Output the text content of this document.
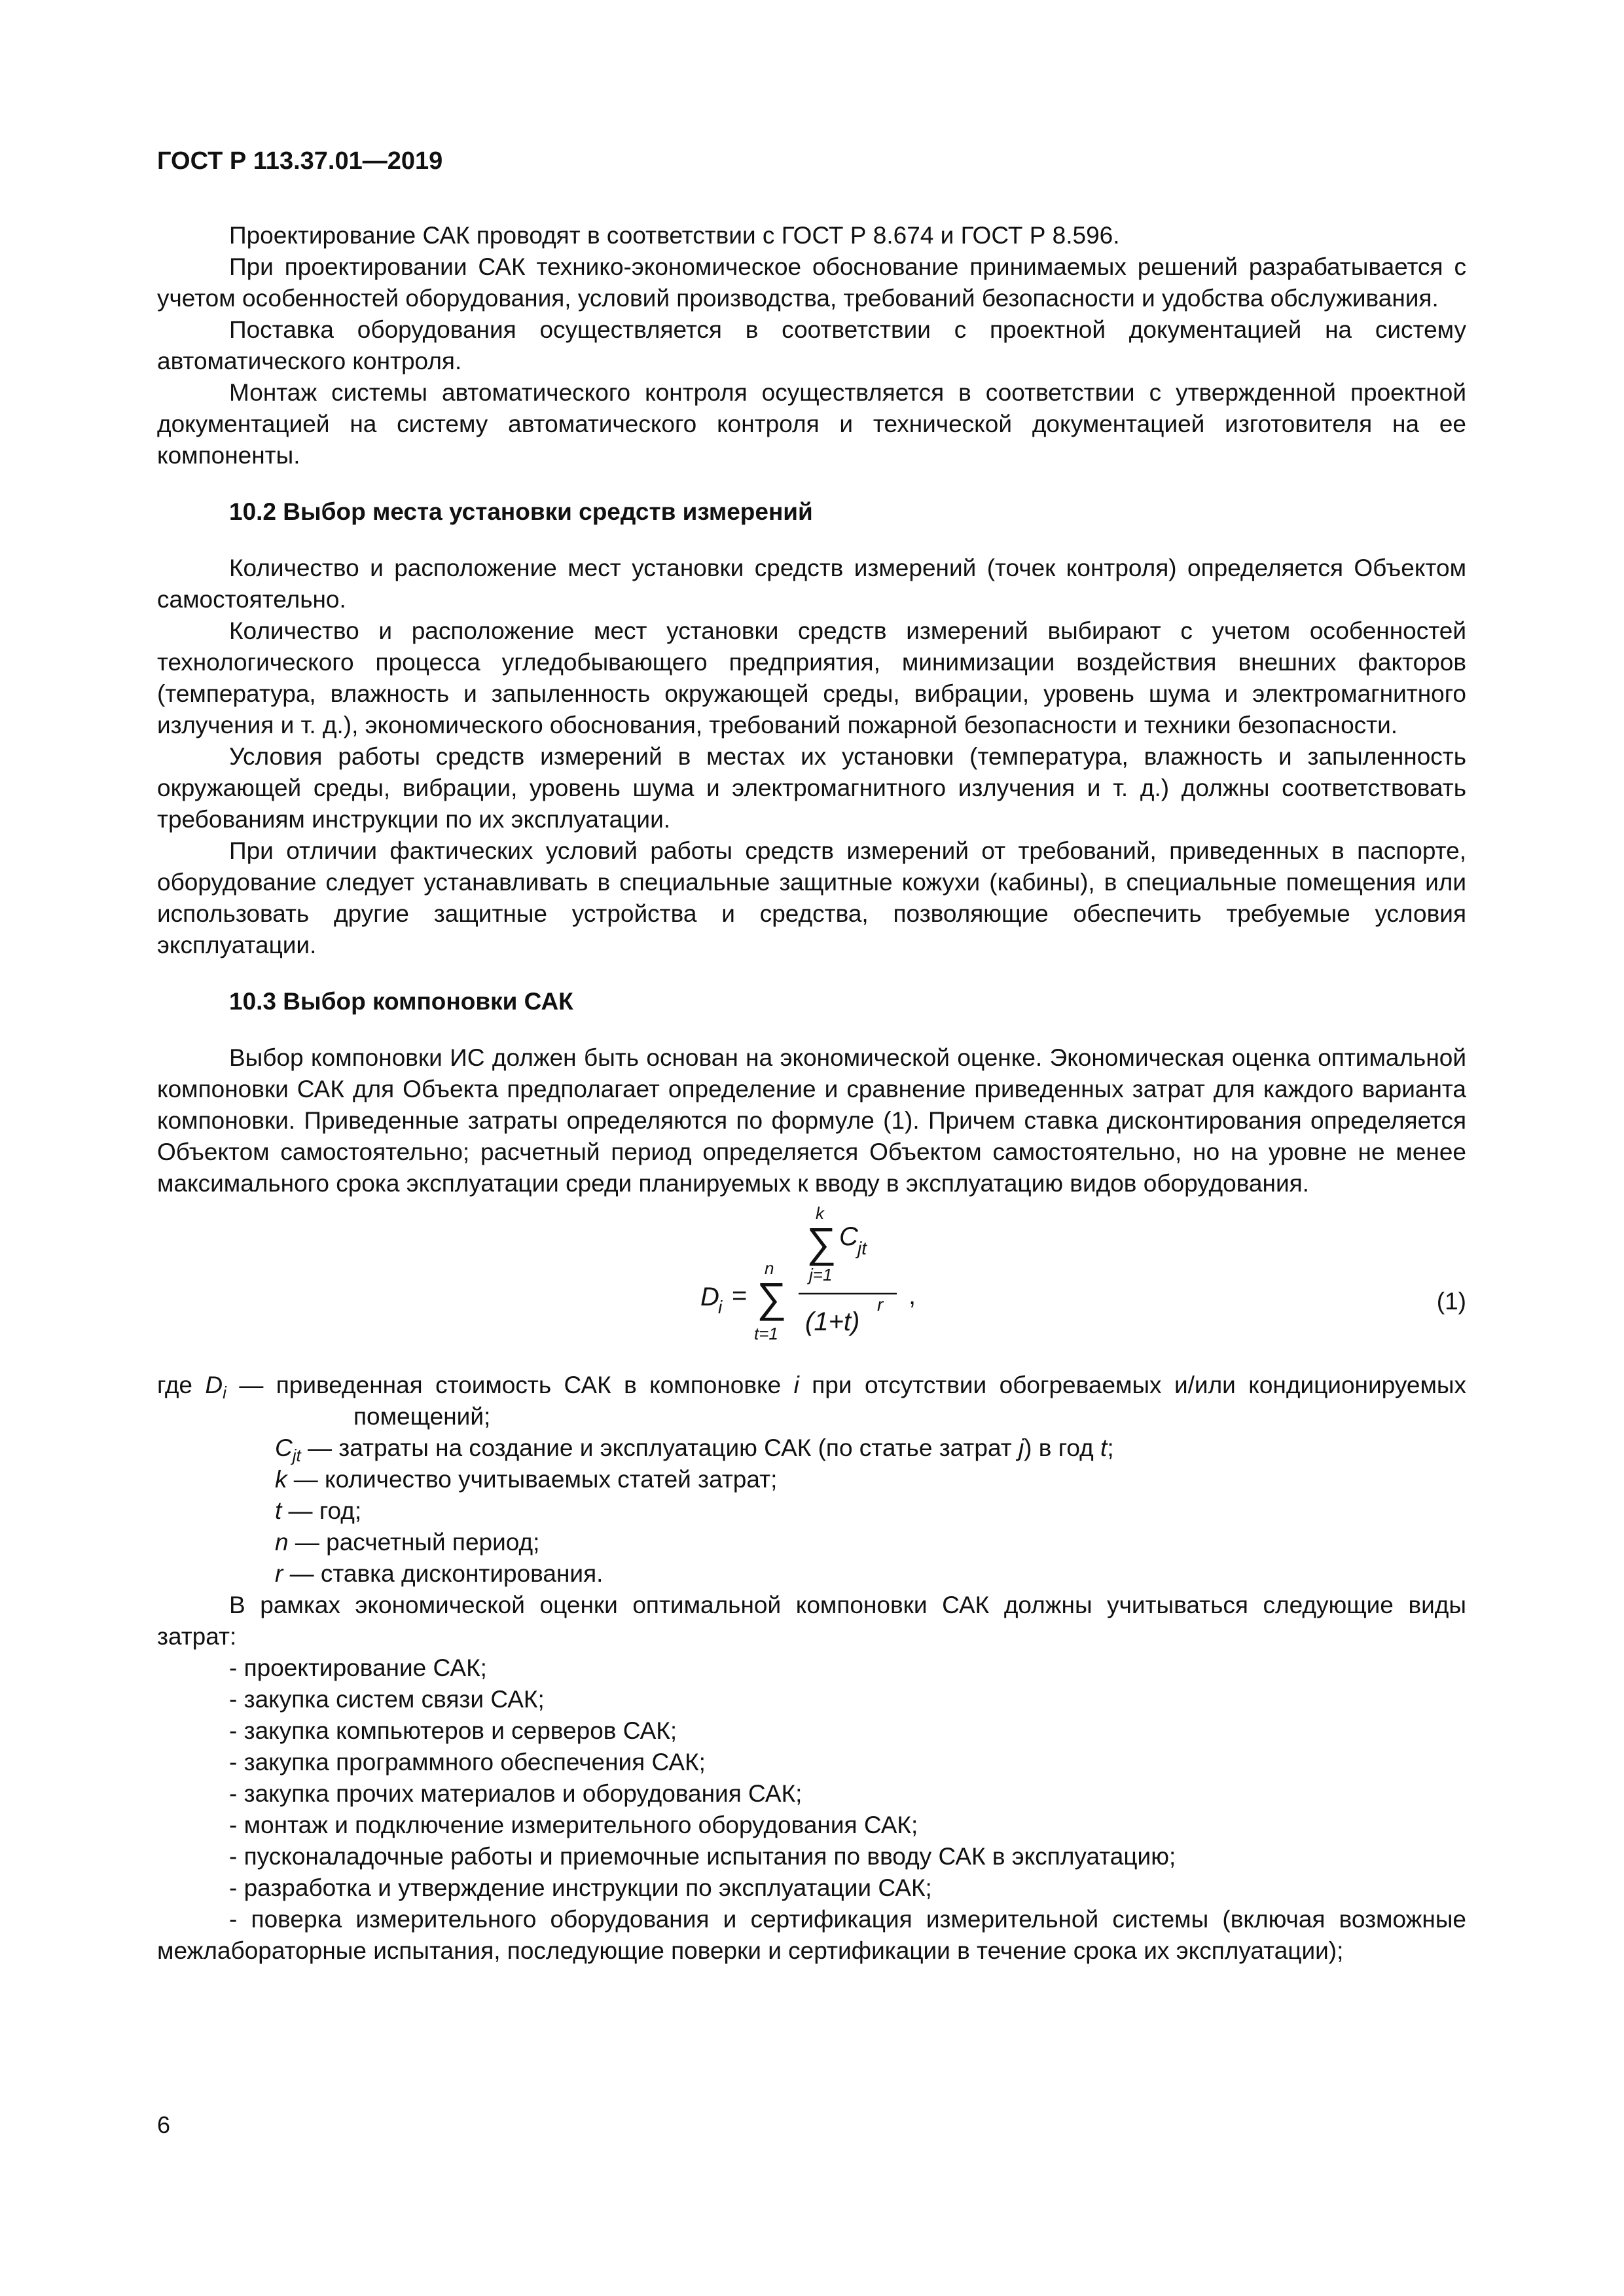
ГОСТ Р 113.37.01—2019

Проектирование САК проводят в соответствии с ГОСТ Р 8.674 и ГОСТ Р 8.596.

При проектировании САК технико-экономическое обоснование принимаемых решений разрабатывается с учетом особенностей оборудования, условий производства, требований безопасности и удобства обслуживания.

Поставка оборудования осуществляется в соответствии с проектной документацией на систему автоматического контроля.

Монтаж системы автоматического контроля осуществляется в соответствии с утвержденной проектной документацией на систему автоматического контроля и технической документацией изготовителя на ее компоненты.

10.2 Выбор места установки средств измерений

Количество и расположение мест установки средств измерений (точек контроля) определяется Объектом самостоятельно.

Количество и расположение мест установки средств измерений выбирают с учетом особенностей технологического процесса угледобывающего предприятия, минимизации воздействия внешних факторов (температура, влажность и запыленность окружающей среды, вибрации, уровень шума и электромагнитного излучения и т. д.), экономического обоснования, требований пожарной безопасности и техники безопасности.

Условия работы средств измерений в местах их установки (температура, влажность и запыленность окружающей среды, вибрации, уровень шума и электромагнитного излучения и т. д.) должны соответствовать требованиям инструкции по их эксплуатации.

При отличии фактических условий работы средств измерений от требований, приведенных в паспорте, оборудование следует устанавливать в специальные защитные кожухи (кабины), в специальные помещения или использовать другие защитные устройства и средства, позволяющие обеспечить требуемые условия эксплуатации.

10.3 Выбор компоновки САК

Выбор компоновки ИС должен быть основан на экономической оценке. Экономическая оценка оптимальной компоновки САК для Объекта предполагает определение и сравнение приведенных затрат для каждого варианта компоновки. Приведенные затраты определяются по формуле (1). Причем ставка дисконтирования определяется Объектом самостоятельно; расчетный период определяется Объектом самостоятельно, но на уровне не менее максимального срока эксплуатации среди планируемых к вводу в эксплуатацию видов оборудования.

D
i =
n
∑
t=1
k
∑
j=1
C jt
(1+t)
r ,	(1)

где $D_i$ — приведенная стоимость САК в компоновке i при отсутствии обогреваемых и/или кондиционируемых помещений;

$C_{jt}$ — затраты на создание и эксплуатацию САК (по статье затрат j) в год t;

k — количество учитываемых статей затрат;

t — год;

n — расчетный период;

r — ставка дисконтирования.

В рамках экономической оценки оптимальной компоновки САК должны учитываться следующие виды затрат:

- проектирование САК;
- закупка систем связи САК;
- закупка компьютеров и серверов САК;
- закупка программного обеспечения САК;
- закупка прочих материалов и оборудования САК;
- монтаж и подключение измерительного оборудования САК;
- пусконаладочные работы и приемочные испытания по вводу САК в эксплуатацию;
- разработка и утверждение инструкции по эксплуатации САК;
- поверка измерительного оборудования и сертификация измерительной системы (включая возможные межлабораторные испытания, последующие поверки и сертификации в течение срока их эксплуатации);
6
